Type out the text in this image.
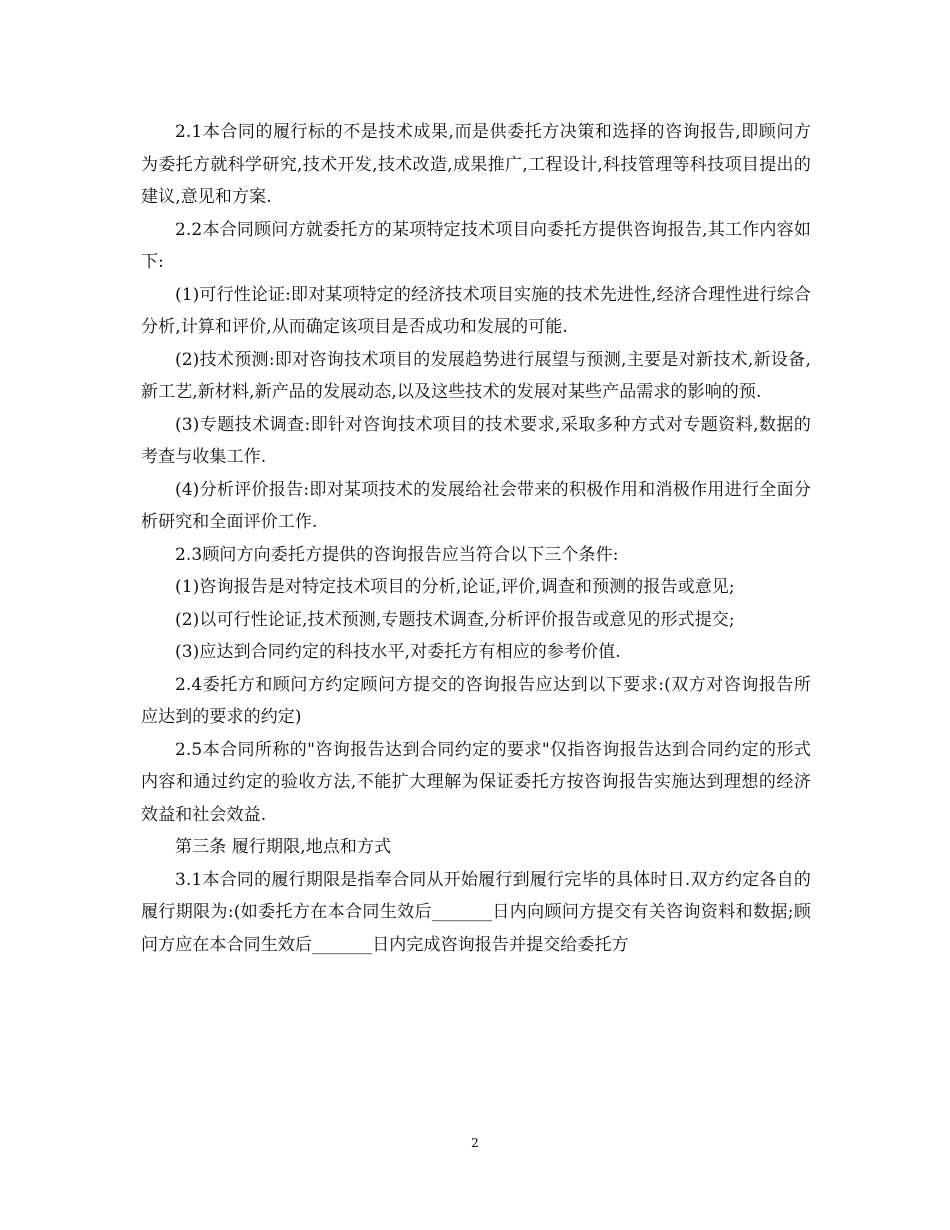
2.1本合同的履行标的不是技术成果,而是供委托方决策和选择的咨询报告,即顾问方为委托方就科学研究,技术开发,技术改造,成果推广,工程设计,科技管理等科技项目提出的建议,意见和方案.

2.2本合同顾问方就委托方的某项特定技术项目向委托方提供咨询报告,其工作内容如下:

(1)可行性论证:即对某项特定的经济技术项目实施的技术先进性,经济合理性进行综合分析,计算和评价,从而确定该项目是否成功和发展的可能.

(2)技术预测:即对咨询技术项目的发展趋势进行展望与预测,主要是对新技术,新设备,新工艺,新材料,新产品的发展动态,以及这些技术的发展对某些产品需求的影响的预.

(3)专题技术调查:即针对咨询技术项目的技术要求,采取多种方式对专题资料,数据的考查与收集工作.

(4)分析评价报告:即对某项技术的发展给社会带来的积极作用和消极作用进行全面分析研究和全面评价工作.

2.3顾问方向委托方提供的咨询报告应当符合以下三个条件:

(1)咨询报告是对特定技术项目的分析,论证,评价,调查和预测的报告或意见;

(2)以可行性论证,技术预测,专题技术调查,分析评价报告或意见的形式提交;

(3)应达到合同约定的科技水平,对委托方有相应的参考价值.

2.4委托方和顾问方约定顾问方提交的咨询报告应达到以下要求:(双方对咨询报告所应达到的要求的约定)

2.5本合同所称的"咨询报告达到合同约定的要求"仅指咨询报告达到合同约定的形式内容和通过约定的验收方法,不能扩大理解为保证委托方按咨询报告实施达到理想的经济效益和社会效益.

第三条 履行期限,地点和方式

3.1本合同的履行期限是指奉合同从开始履行到履行完毕的具体时日.双方约定各自的履行期限为:(如委托方在本合同生效后_______日内向顾问方提交有关咨询资料和数据;顾问方应在本合同生效后_______日内完成咨询报告并提交给委托方

2
